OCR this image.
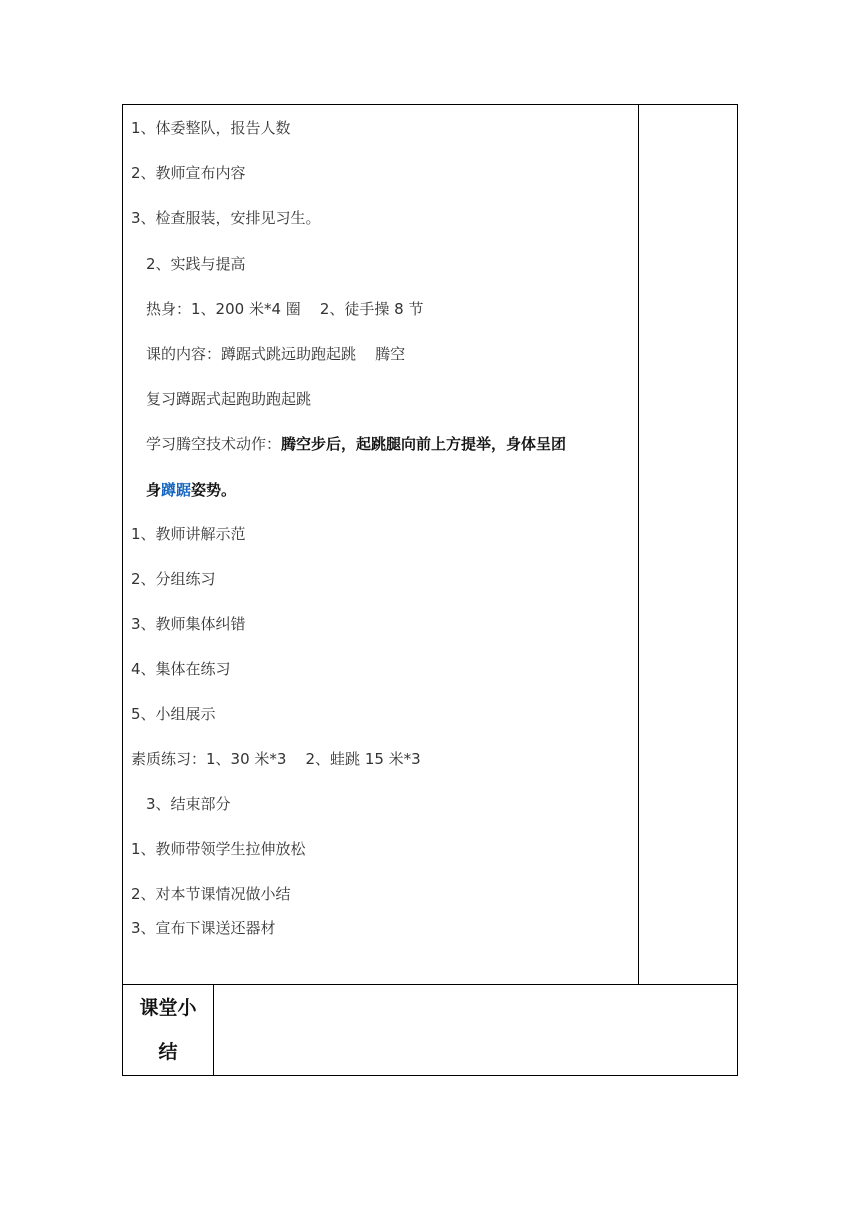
1、体委整队，报告人数
2、教师宣布内容
3、检查服装，安排见习生。
2、实践与提高
热身：1、200 米*4 圈    2、徒手操 8 节
课的内容：蹲踞式跳远助跑起跳    腾空
复习蹲踞式起跑助跑起跳
学习腾空技术动作：腾空步后，起跳腿向前上方提举，身体呈团
身蹲踞姿势。
1、教师讲解示范
2、分组练习
3、教师集体纠错
4、集体在练习
5、小组展示
素质练习：1、30 米*3    2、蛙跳 15 米*3
3、结束部分
1、教师带领学生拉伸放松
2、对本节课情况做小结
3、宣布下课送还器材
课堂小
结
